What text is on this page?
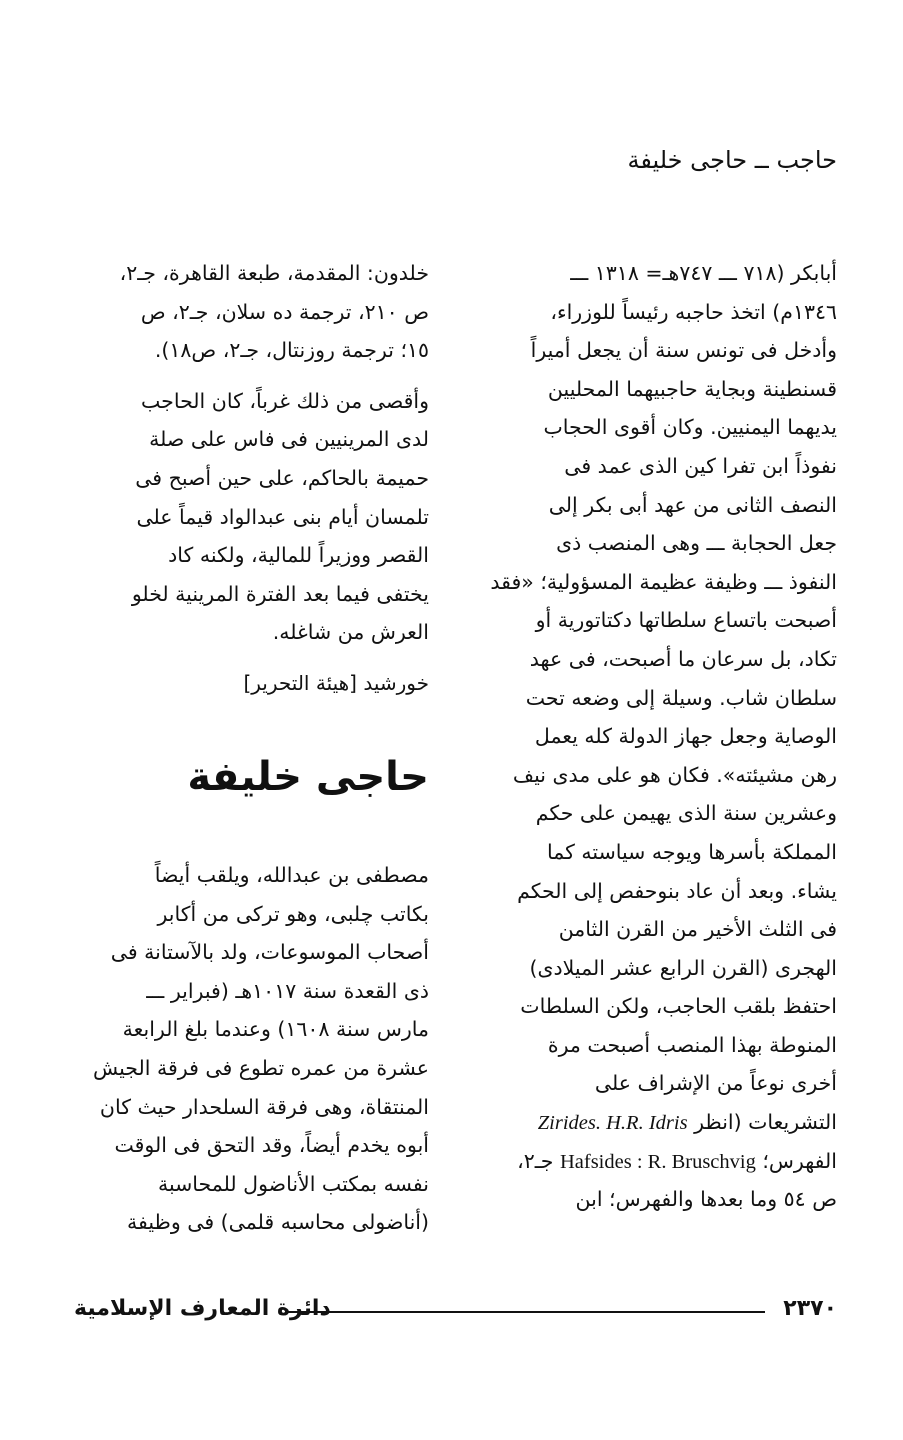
حاجب ــ حاجى خليفة
أبابكر (٧١٨ ـــ ٧٤٧هـ= ١٣١٨ ـــ
١٣٤٦م) اتخذ حاجبه رئيساً للوزراء،
وأدخل فى تونس سنة أن يجعل أميراً
قسنطينة وبجاية حاجبيهما المحليين
يديهما اليمنيين. وكان أقوى الحجاب
نفوذاً ابن تفرا كين الذى عمد فى
النصف الثانى من عهد أبى بكر إلى
جعل الحجابة ـــ وهى المنصب ذى
النفوذ ـــ وظيفة عظيمة المسؤولية؛ «فقد
أصبحت باتساع سلطاتها دكتاتورية أو
تكاد، بل سرعان ما أصبحت، فى عهد
سلطان شاب. وسيلة إلى وضعه تحت
الوصاية وجعل جهاز الدولة كله يعمل
رهن مشيئته». فكان هو على مدى نيف
وعشرين سنة الذى يهيمن على حكم
المملكة بأسرها ويوجه سياسته كما
يشاء. وبعد أن عاد بنوحفص إلى الحكم
فى الثلث الأخير من القرن الثامن
الهجرى (القرن الرابع عشر الميلادى)
احتفظ بلقب الحاجب، ولكن السلطات
المنوطة بهذا المنصب أصبحت مرة
أخرى نوعاً من الإشراف على
التشريعات (انظر Zirides. H.R. Idris
الفهرس؛ Hafsides : R. Bruschvig جـ٢،
ص ٥٤ وما بعدها والفهرس؛ ابن
خلدون: المقدمة، طبعة القاهرة، جـ٢،
ص ٢١٠، ترجمة ده سلان، جـ٢، ص
١٥؛ ترجمة روزنتال، جـ٢، ص١٨).
وأقصى من ذلك غرباً، كان الحاجب
لدى المرينيين فى فاس على صلة
حميمة بالحاكم، على حين أصبح فى
تلمسان أيام بنى عبدالواد قيماً على
القصر ووزيراً للمالية، ولكنه كاد
يختفى فيما بعد الفترة المرينية لخلو
العرش من شاغله.
خورشيد [هيئة التحرير]
حاجى خليفة
مصطفى بن عبدالله، ويلقب أيضاً
بكاتب چلبى، وهو تركى من أكابر
أصحاب الموسوعات، ولد بالآستانة فى
ذى القعدة سنة ١٠١٧هـ (فبراير ـــ
مارس سنة ١٦٠٨) وعندما بلغ الرابعة
عشرة من عمره تطوع فى فرقة الجيش
المنتقاة، وهى فرقة السلحدار حيث كان
أبوه يخدم أيضاً، وقد التحق فى الوقت
نفسه بمكتب الأناضول للمحاسبة
(أناضولى محاسبه قلمى) فى وظيفة
٢٣٧٠
دائرة المعارف الإسلامية
